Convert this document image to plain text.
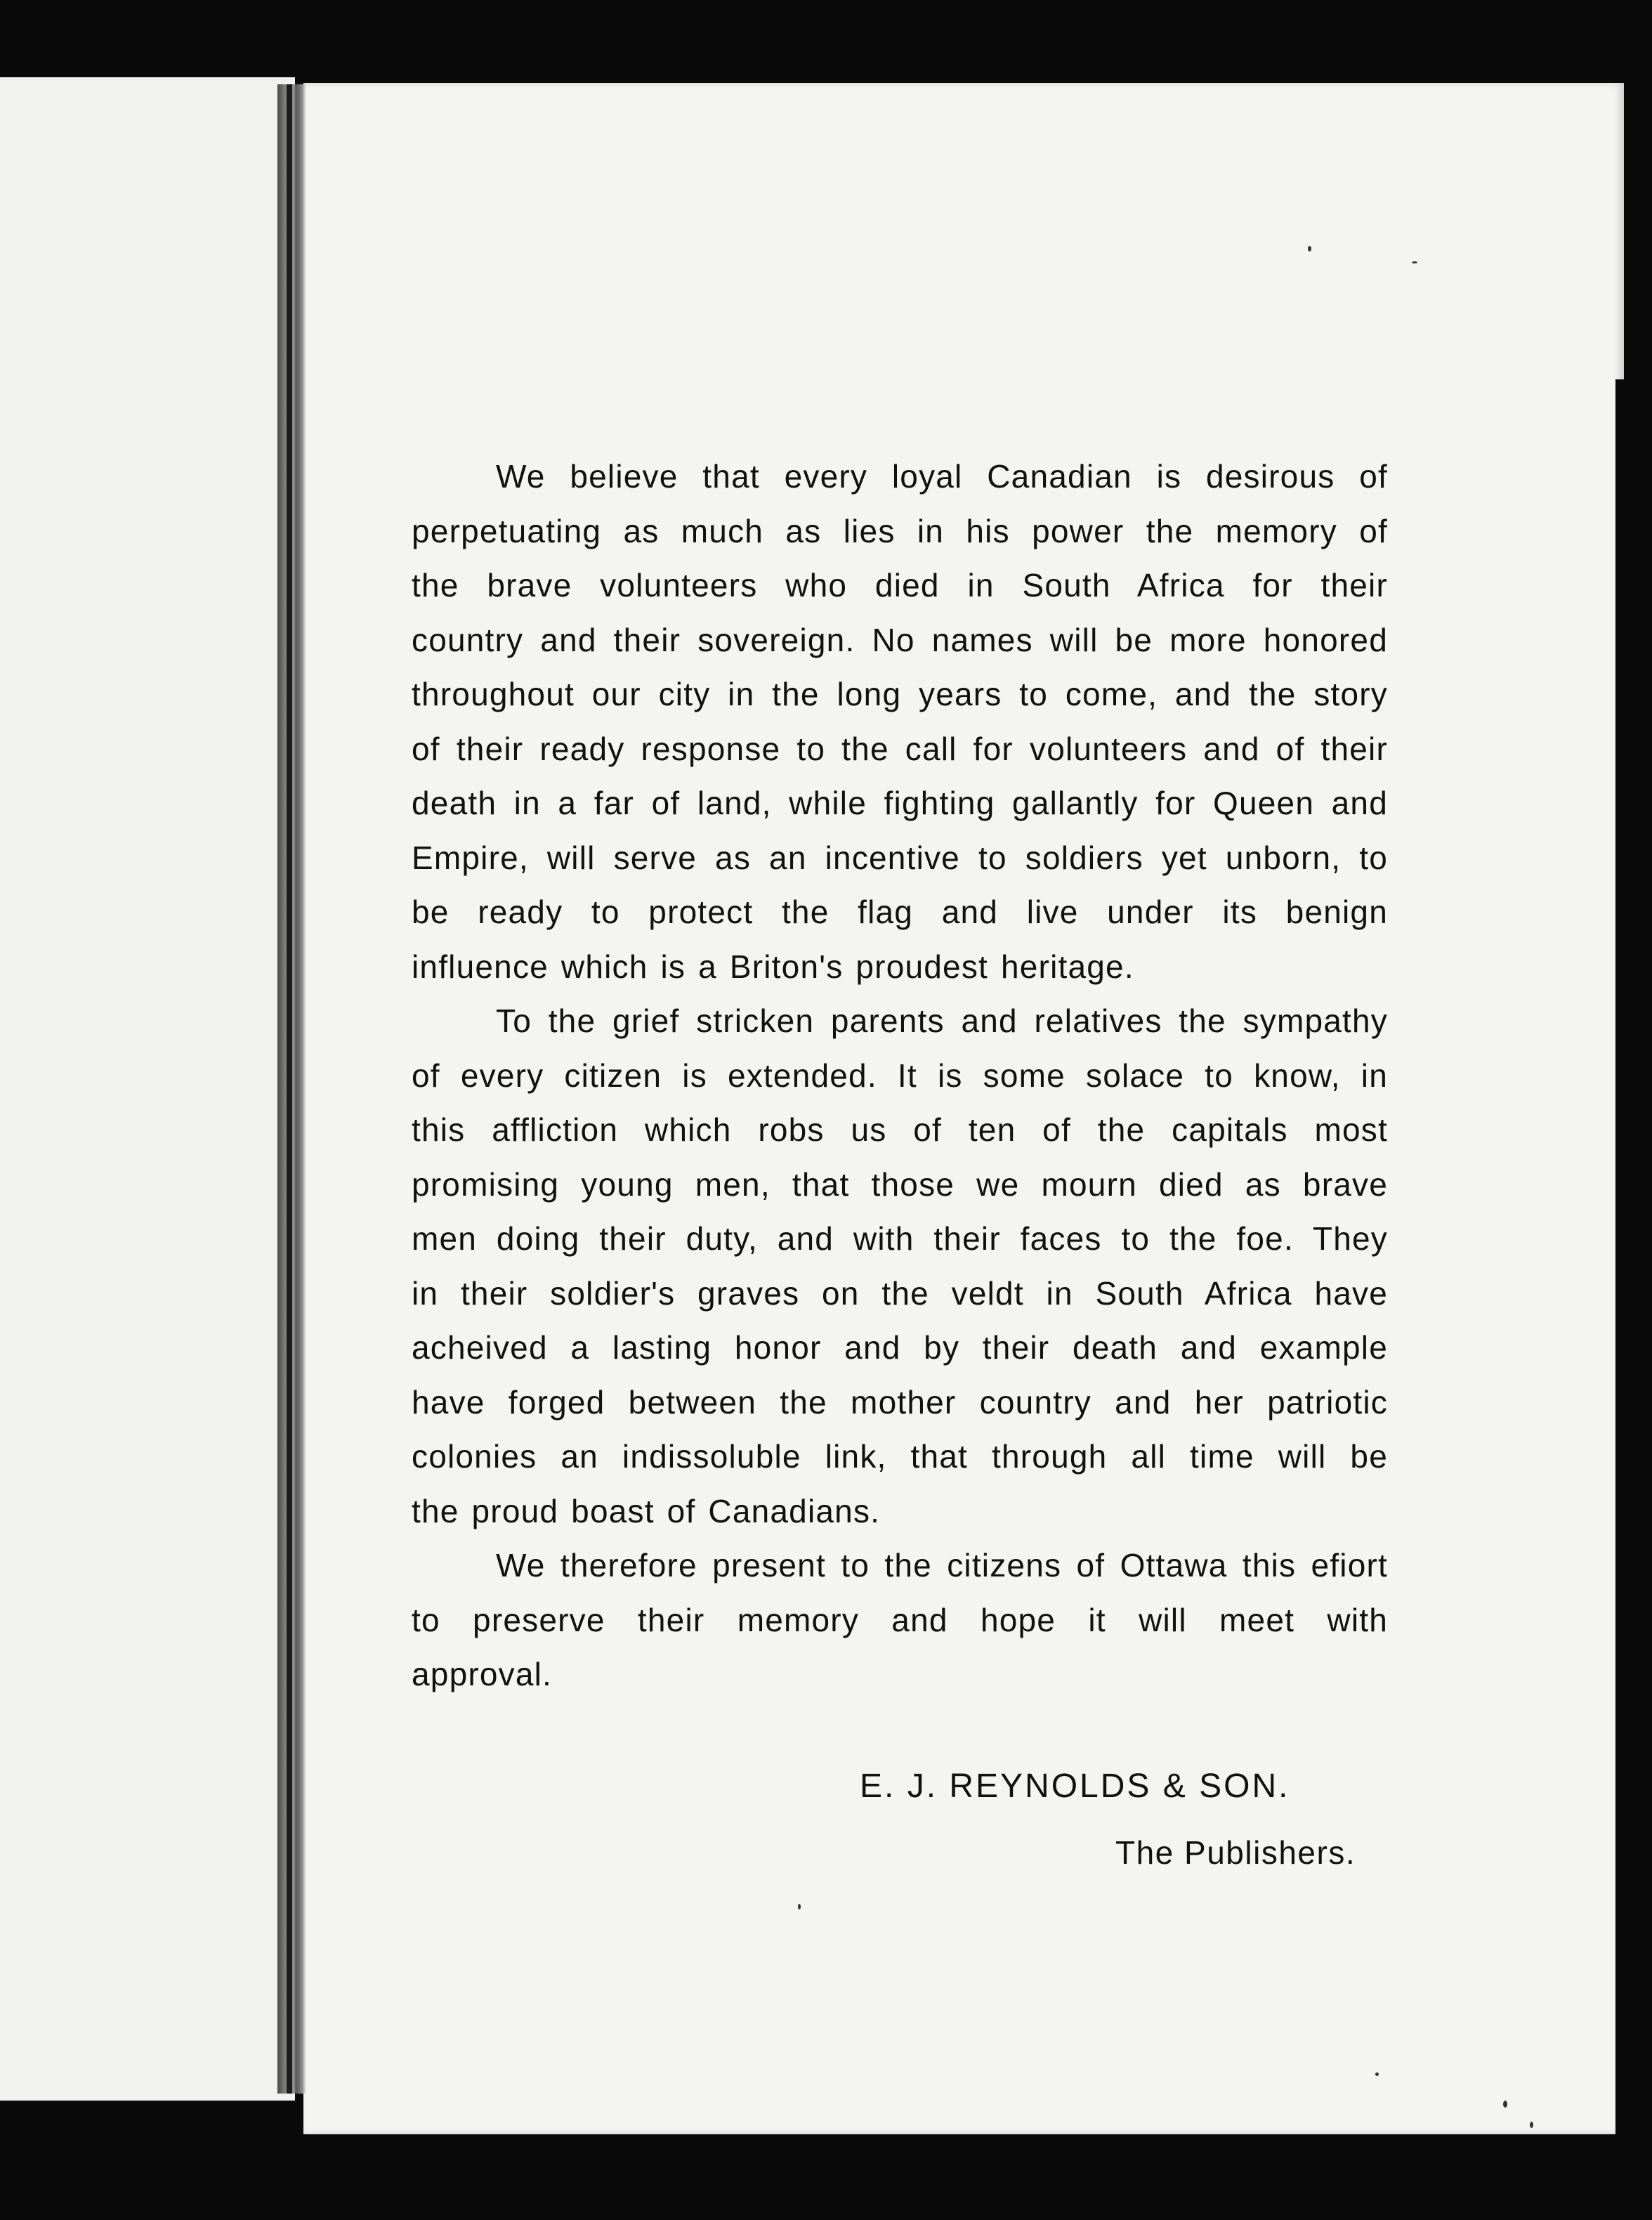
We believe that every loyal Canadian is desirous of
perpetuating as much as lies in his power the memory of
the brave volunteers who died in South Africa for their
country and their sovereign. No names will be more honored
throughout our city in the long years to come, and the story
of their ready response to the call for volunteers and of their
death in a far of land, while fighting gallantly for Queen and
Empire, will serve as an incentive to soldiers yet unborn, to
be ready to protect the flag and live under its benign
influence which is a Briton's proudest heritage.

To the grief stricken parents and relatives the sympathy
of every citizen is extended. It is some solace to know, in
this affliction which robs us of ten of the capitals most
promising young men, that those we mourn died as brave
men doing their duty, and with their faces to the foe. They
in their soldier's graves on the veldt in South Africa have
acheived a lasting honor and by their death and example
have forged between the mother country and her patriotic
colonies an indissoluble link, that through all time will be
the proud boast of Canadians.

We therefore present to the citizens of Ottawa this efiort
to preserve their memory and hope it will meet with
approval.

E. J. REYNOLDS & SON.
The Publishers.
